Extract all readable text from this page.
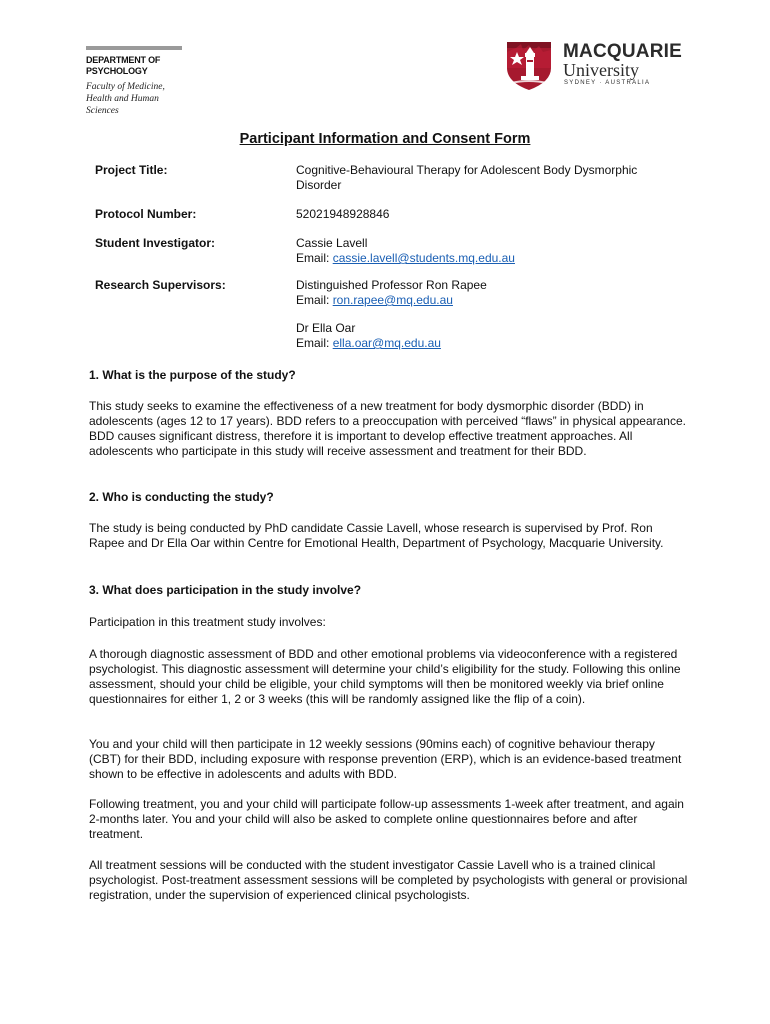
DEPARTMENT OF
PSYCHOLOGY
Faculty of Medicine,
Health and Human
Sciences
MACQUARIE
University
SYDNEY · AUSTRALIA
Participant Information and Consent Form
Project Title:	Cognitive-Behavioural Therapy for Adolescent Body Dysmorphic
Disorder
Protocol Number:	52021948928846
Student Investigator:	Cassie Lavell
Email: cassie.lavell@students.mq.edu.au
Research Supervisors:	Distinguished Professor Ron Rapee
Email: ron.rapee@mq.edu.au
Dr Ella Oar
Email: ella.oar@mq.edu.au
1. What is the purpose of the study?
This study seeks to examine the effectiveness of a new treatment for body dysmorphic disorder (BDD) in adolescents (ages 12 to 17 years). BDD refers to a preoccupation with perceived “flaws” in physical appearance. BDD causes significant distress, therefore it is important to develop effective treatment approaches. All adolescents who participate in this study will receive assessment and treatment for their BDD.
2. Who is conducting the study?
The study is being conducted by PhD candidate Cassie Lavell, whose research is supervised by Prof. Ron Rapee and Dr Ella Oar within Centre for Emotional Health, Department of Psychology, Macquarie University.
3. What does participation in the study involve?
Participation in this treatment study involves:
A thorough diagnostic assessment of BDD and other emotional problems via videoconference with a registered psychologist. This diagnostic assessment will determine your child’s eligibility for the study. Following this online assessment, should your child be eligible, your child symptoms will then be monitored weekly via brief online questionnaires for either 1, 2 or 3 weeks (this will be randomly assigned like the flip of a coin).
You and your child will then participate in 12 weekly sessions (90mins each) of cognitive behaviour therapy (CBT) for their BDD, including exposure with response prevention (ERP), which is an evidence-based treatment shown to be effective in adolescents and adults with BDD.
Following treatment, you and your child will participate follow-up assessments 1-week after treatment, and again 2-months later. You and your child will also be asked to complete online questionnaires before and after treatment.
All treatment sessions will be conducted with the student investigator Cassie Lavell who is a trained clinical psychologist. Post-treatment assessment sessions will be completed by psychologists with general or provisional registration, under the supervision of experienced clinical psychologists.
